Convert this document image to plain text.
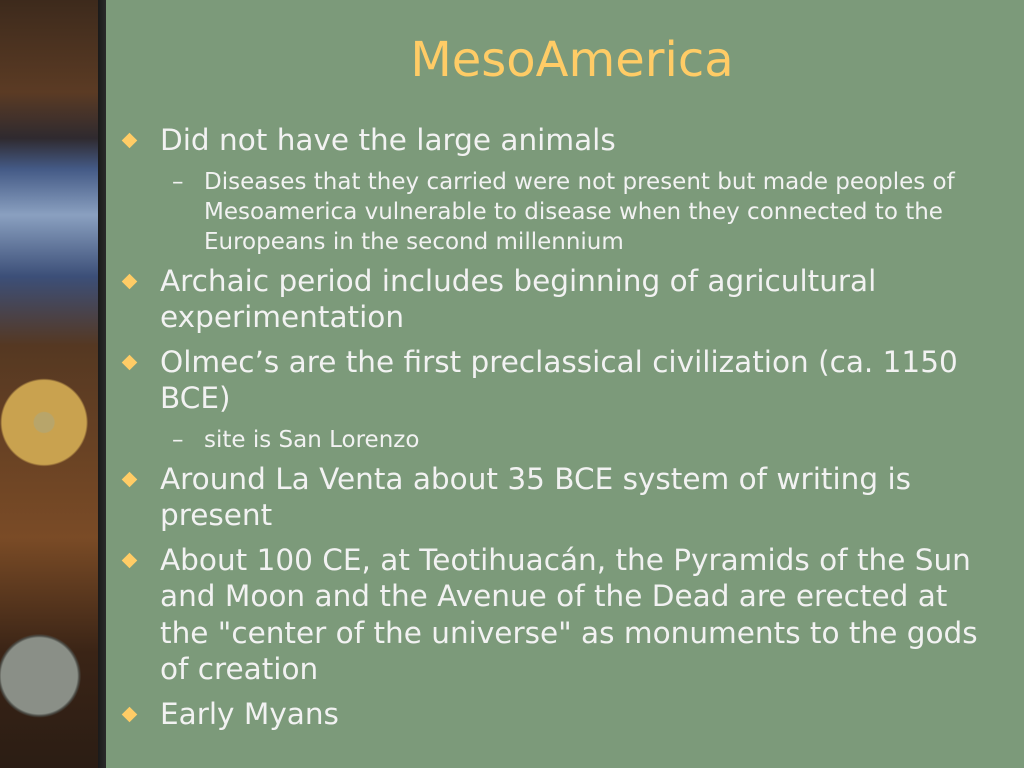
MesoAmerica
Did not have the large animals
– Diseases that they carried were not present but made peoples of Mesoamerica vulnerable to disease when they connected to the Europeans in the second millennium
Archaic period includes beginning of agricultural experimentation
Olmec’s are the first preclassical civilization (ca. 1150 BCE)
– site is San Lorenzo
Around La Venta about 35 BCE system of writing is present
About 100 CE, at Teotihuacán, the Pyramids of the Sun and Moon and the Avenue of the Dead are erected at the "center of the universe" as monuments to the gods of creation
Early Myans
